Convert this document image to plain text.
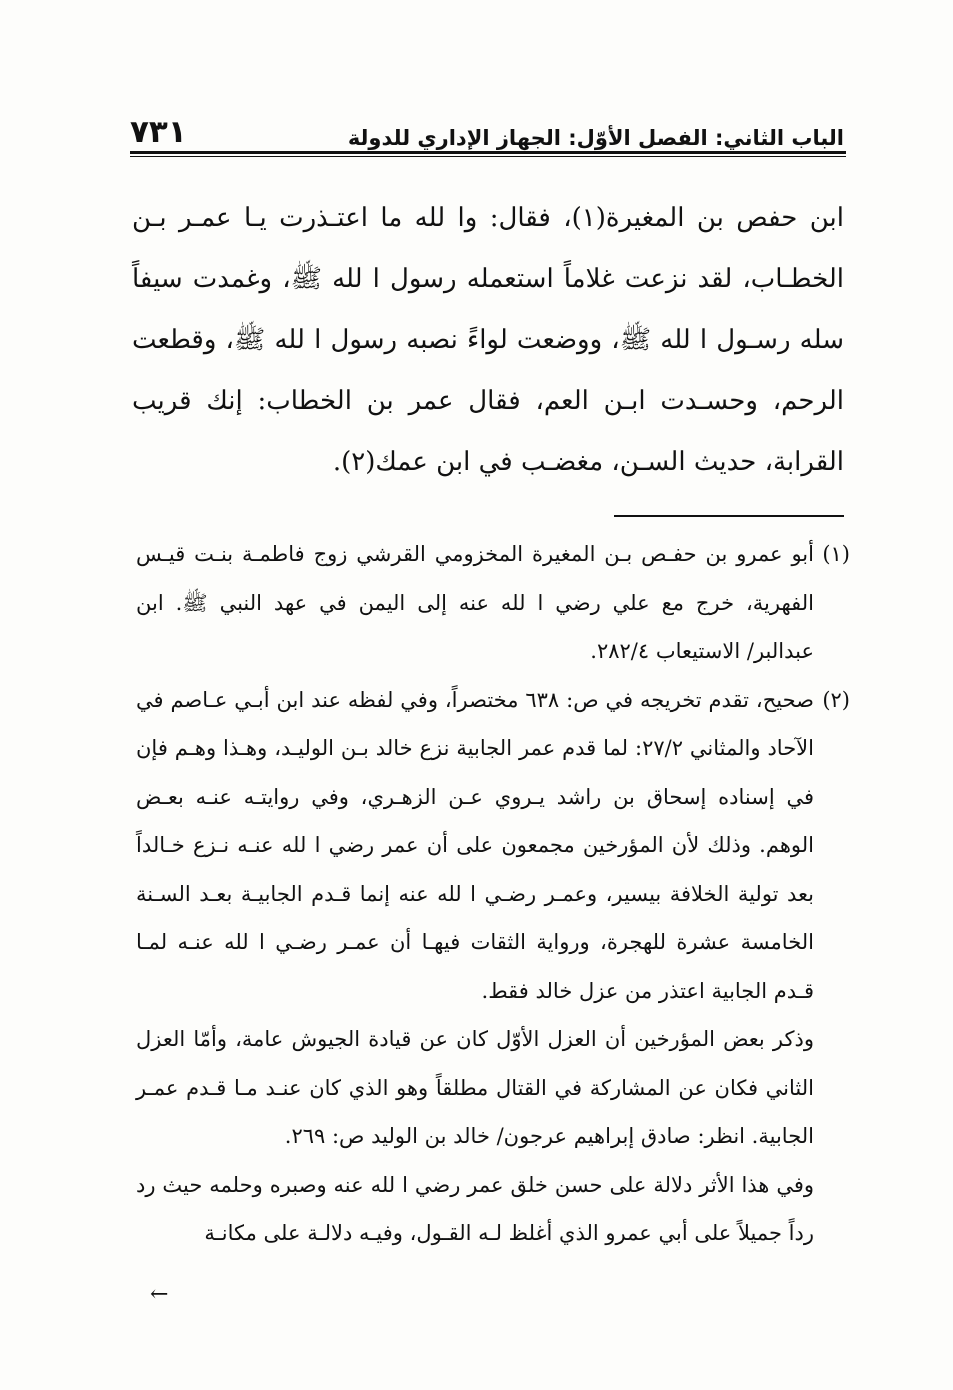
٧٣١	الباب الثاني: الفصل الأوّل: الجهاز الإداري للدولة
ابن حفص بن المغيرة(١)، فقال: وا لله ما اعتـذرت يـا عمـر بـن الخطـاب، لقد نزعت غلاماً استعمله رسول ا لله ﷺ، وغمدت سيفاً سله رسـول ا لله ﷺ، ووضعت لواءً نصبه رسول ا لله ﷺ، وقطعت الرحم، وحسـدت ابـن العم، فقال عمر بن الخطاب: إنك قريب القرابة، حديث السـن، مغضـب في ابن عمك(٢).
(١)
أبو عمرو بن حفـص بـن المغيرة المخزومي القرشي زوج فاطمـة بنـت قيـس الفهرية، خرج مع علي رضي ا لله عنه إلى اليمن في عهد النبي ﷺ. ابن عبدالبر/ الاستيعاب ٢٨٢/٤.
(٢)
صحيح، تقدم تخريجه في ص: ٦٣٨ مختصراً، وفي لفظه عند ابن أبـي عـاصم في الآحاد والمثاني ٢٧/٢: لما قدم عمر الجابية نزع خالد بـن الوليـد، وهـذا وهـم فإن في إسناده إسحاق بن راشد يـروي عـن الزهـري، وفي روايتـه عنـه بعـض الوهم. وذلك لأن المؤرخين مجمعون على أن عمر رضي ا لله عنـه نـزع خـالداً بعد تولية الخلافة بيسير، وعمـر رضـي ا لله عنه إنما قـدم الجابيـة بعـد السـنة الخامسة عشرة للهجرة، ورواية الثقات فيهـا أن عمـر رضـي ا لله عنـه لمـا قـدم الجابية اعتذر من عزل خالد فقط.
وذكر بعض المؤرخين أن العزل الأوّل كان عن قيادة الجيوش عامة، وأمّا العزل الثاني فكان عن المشاركة في القتال مطلقاً وهو الذي كان عنـد مـا قـدم عمـر الجابية. انظر: صادق إبراهيم عرجون/ خالد بن الوليد ص: ٢٦٩.
وفي هذا الأثر دلالة على حسن خلق عمر رضي ا لله عنه وصبره وحلمه حيث رد رداً جميلاً على أبي عمرو الذي أغلظ لـه القـول، وفيـه دلالـة على مكانـة
←
